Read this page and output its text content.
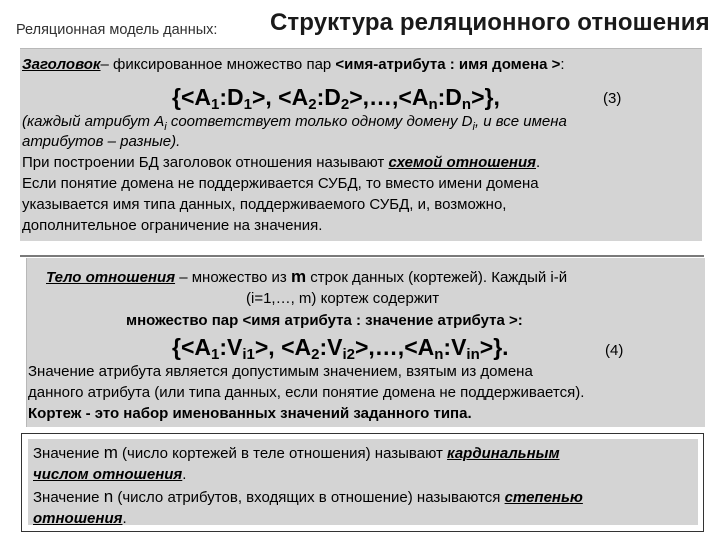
Реляционная модель данных: Структура реляционного отношения
Заголовок– фиксированное множество пар <имя-атрибута : имя домена >:
{$<A_1:D_1>$, $<A_2:D_2>,\dots,<A_n:D_n>$},	(3)
(каждый атрибут $A_i$ соответствует только одному домену $D_i$, и все имена
атрибутов – разные).
При построении БД заголовок отношения называют схемой отношения.
Если понятие домена не поддерживается СУБД, то вместо имени домена
указывается имя типа данных, поддерживаемого СУБД, и, возможно,
дополнительное ограничение на значения.
Тело отношения – множество из m строк данных (кортежей). Каждый i-й
(i=1,…, m) кортеж содержит
множество пар <имя атрибута : значение атрибута >:
{$<A_1:V_{i1}>$, $<A_2:V_{i2}>,\dots,<A_n:V_{in}>$}.	(4)
Значение атрибута является допустимым значением, взятым из домена
данного атрибута (или типа данных, если понятие домена не поддерживается).
Кортеж - это набор именованных значений заданного типа.
Значение m (число кортежей в теле отношения) называют кардинальным
числом отношения.
Значение n (число атрибутов, входящих в отношение) называются степенью
отношения.
